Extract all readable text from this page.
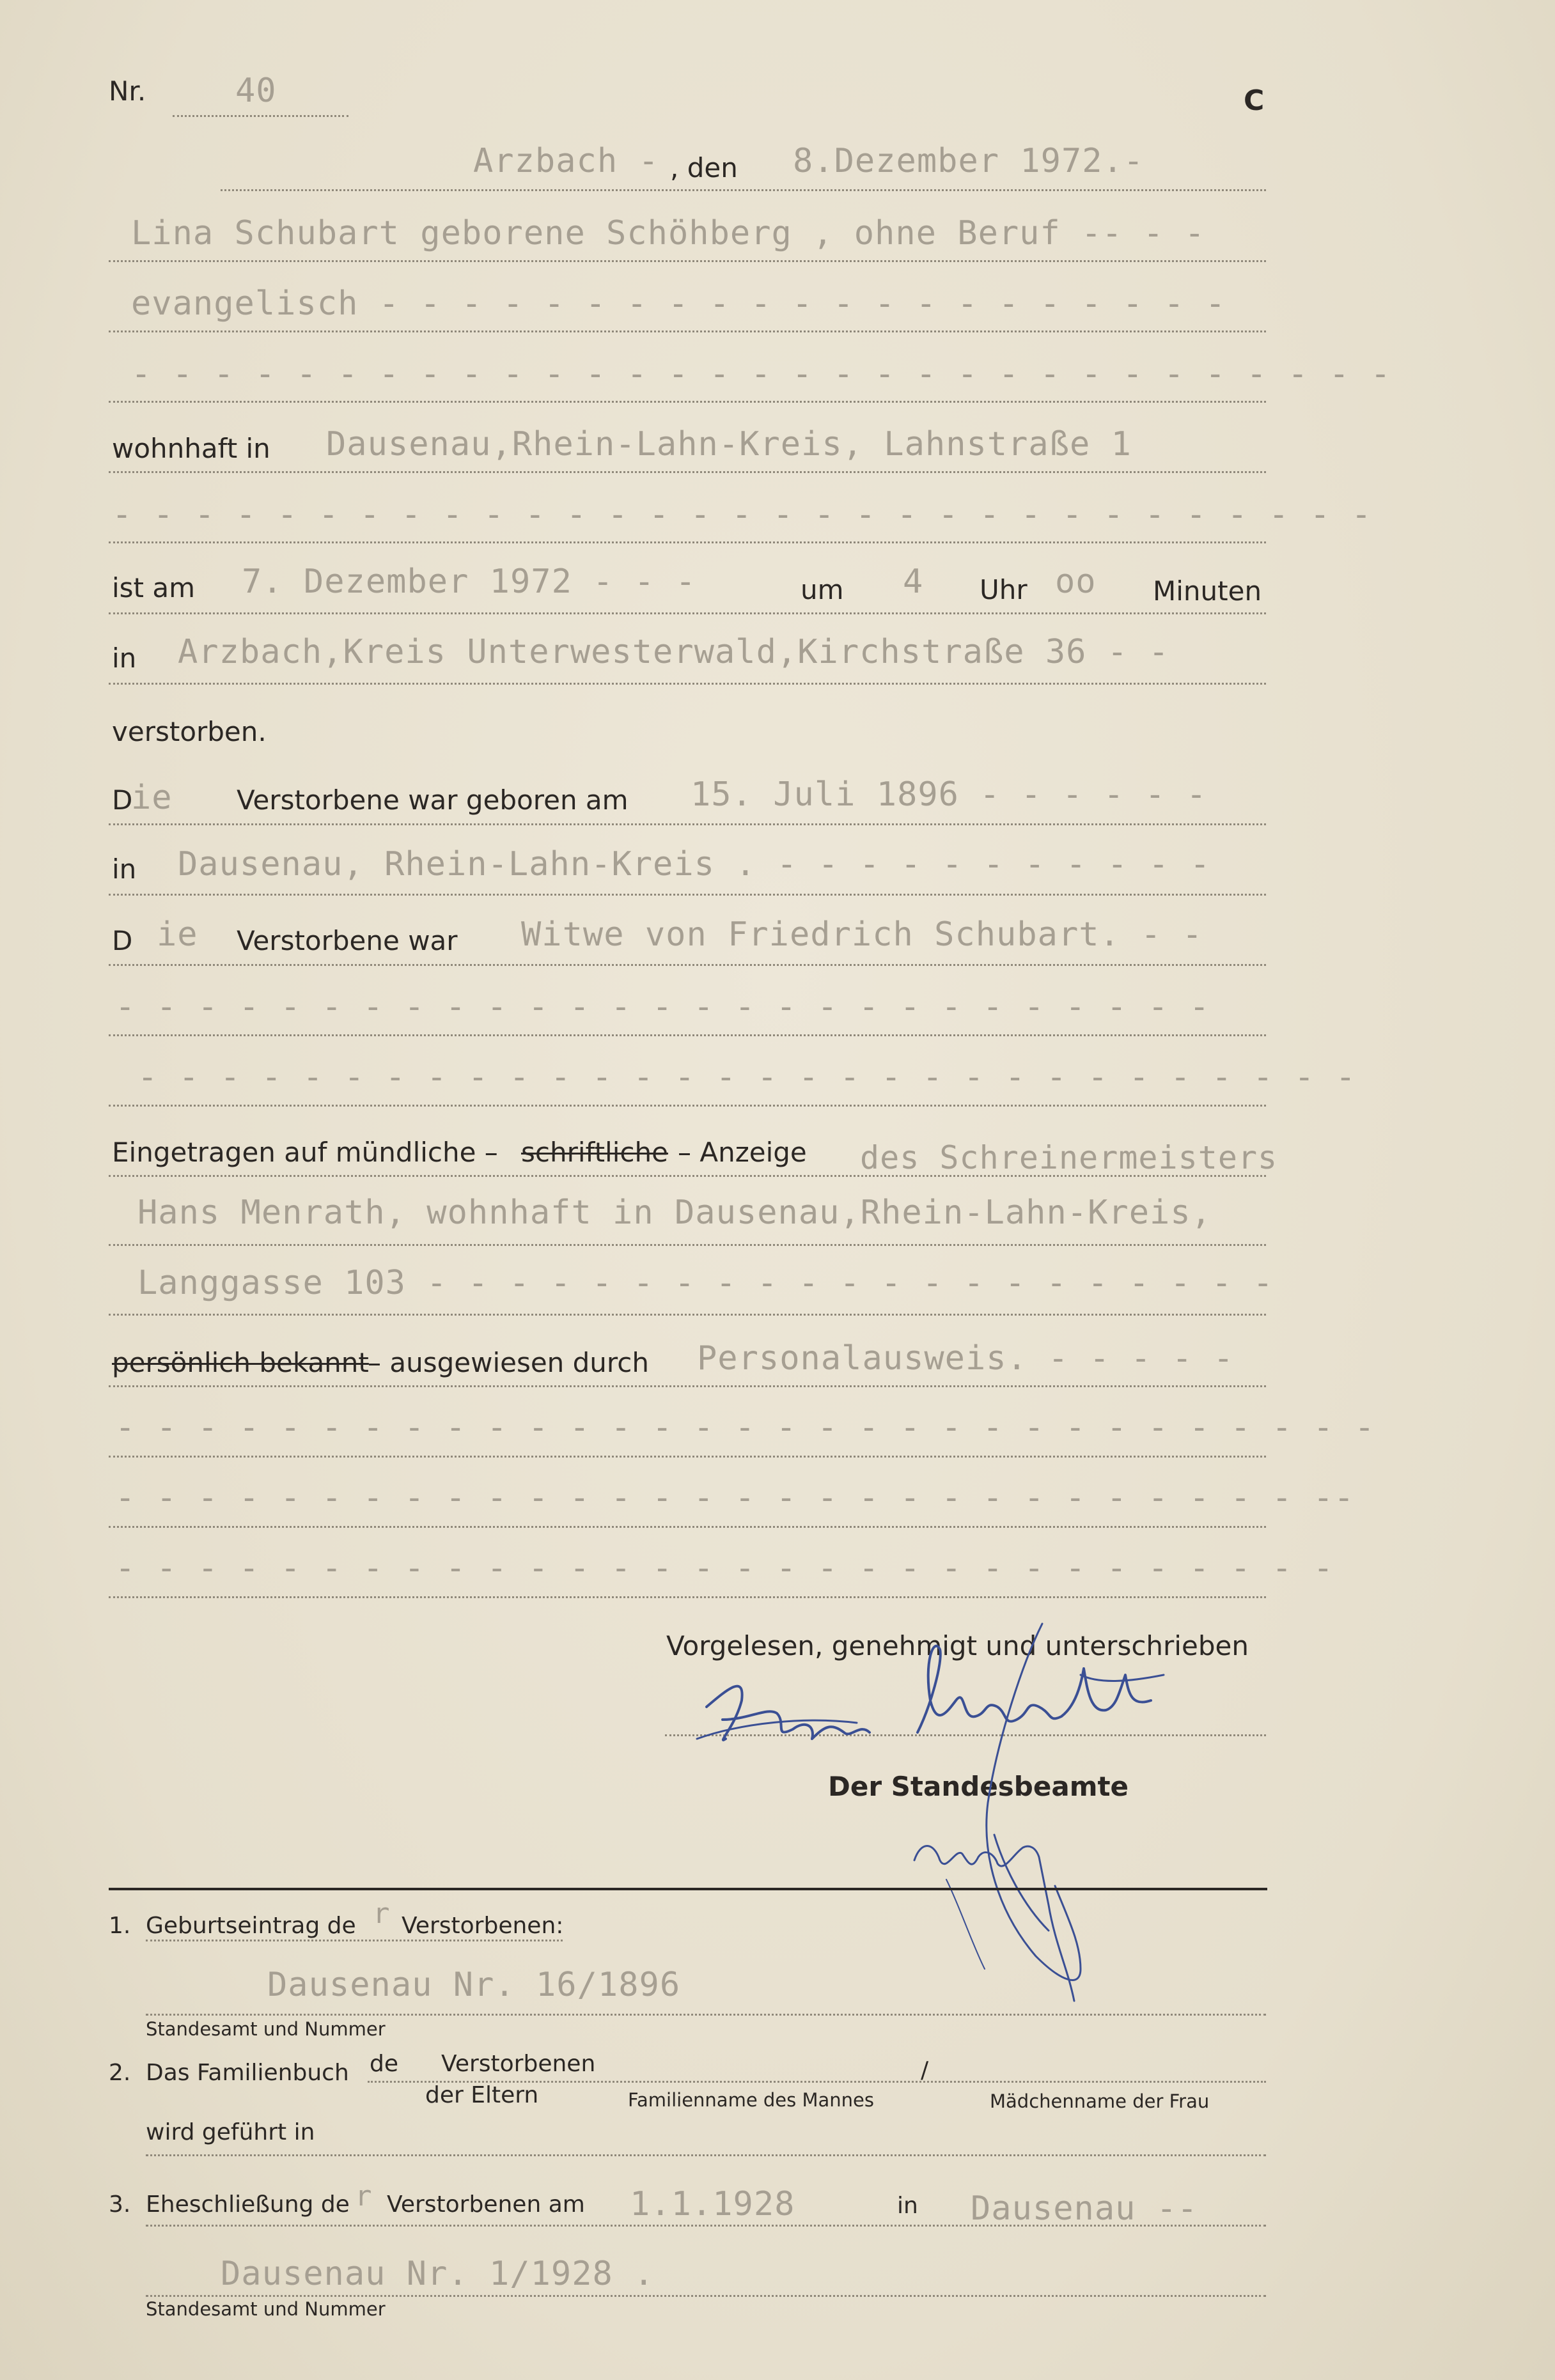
Nr.	40	C
Arzbach - , den 8.Dezember 1972.-
Lina Schubart geborene Schöhberg , ohne Beruf -- - -
evangelisch - - - - - - - - - - - - - - - - - - - - -
- - - - - - - - - - - - - - - - - - - - - - - - - - - - - - -
wohnhaft in Dausenau,Rhein-Lahn-Kreis, Lahnstraße 1
- - - - - - - - - - - - - - - - - - - - - - - - - - - - - - -
ist am 7. Dezember 1972 - - -	um 4 Uhr oo Minuten
in Arzbach,Kreis Unterwesterwald,Kirchstraße 36 - -
verstorben.
D
ie Verstorbene war geboren am 15. Juli 1896 - - - - - -
in Dausenau, Rhein-Lahn-Kreis . - - - - - - - - - - -
D ie Verstorbene war Witwe von Friedrich Schubart. - -
- - - - - - - - - - - - - - - - - - - - - - - - - - -
- - - - - - - - - - - - - - - - - - - - - - - - - - - - - -
Eingetragen auf mündliche – schriftliche – Anzeige des Schreinermeisters
Hans Menrath, wohnhaft in Dausenau,Rhein-Lahn-Kreis,
Langgasse 103 - - - - - - - - - - - - - - - - - - - - -
persönlich bekannt
– ausgewiesen durch Personalausweis. - - - - -
- - - - - - - - - - - - - - - - - - - - - - - - - - - - - - -
- - - - - - - - - - - - - - - - - - - - - - - - - - - - - --
- - - - - - - - - - - - - - - - - - - - - - - - - - - - - -
Vorgelesen, genehmigt und unterschrieben
Der Standesbeamte
1. Geburtseintrag de r Verstorbenen:
Dausenau Nr. 16/1896
Standesamt und Nummer
2. Das Familienbuch de Verstorbenen	/
der Eltern	Familienname des Mannes	Mädchenname der Frau
wird geführt in
3. Eheschließung de r Verstorbenen am 1.1.1928	in Dausenau --
Dausenau Nr. 1/1928 .
Standesamt und Nummer
